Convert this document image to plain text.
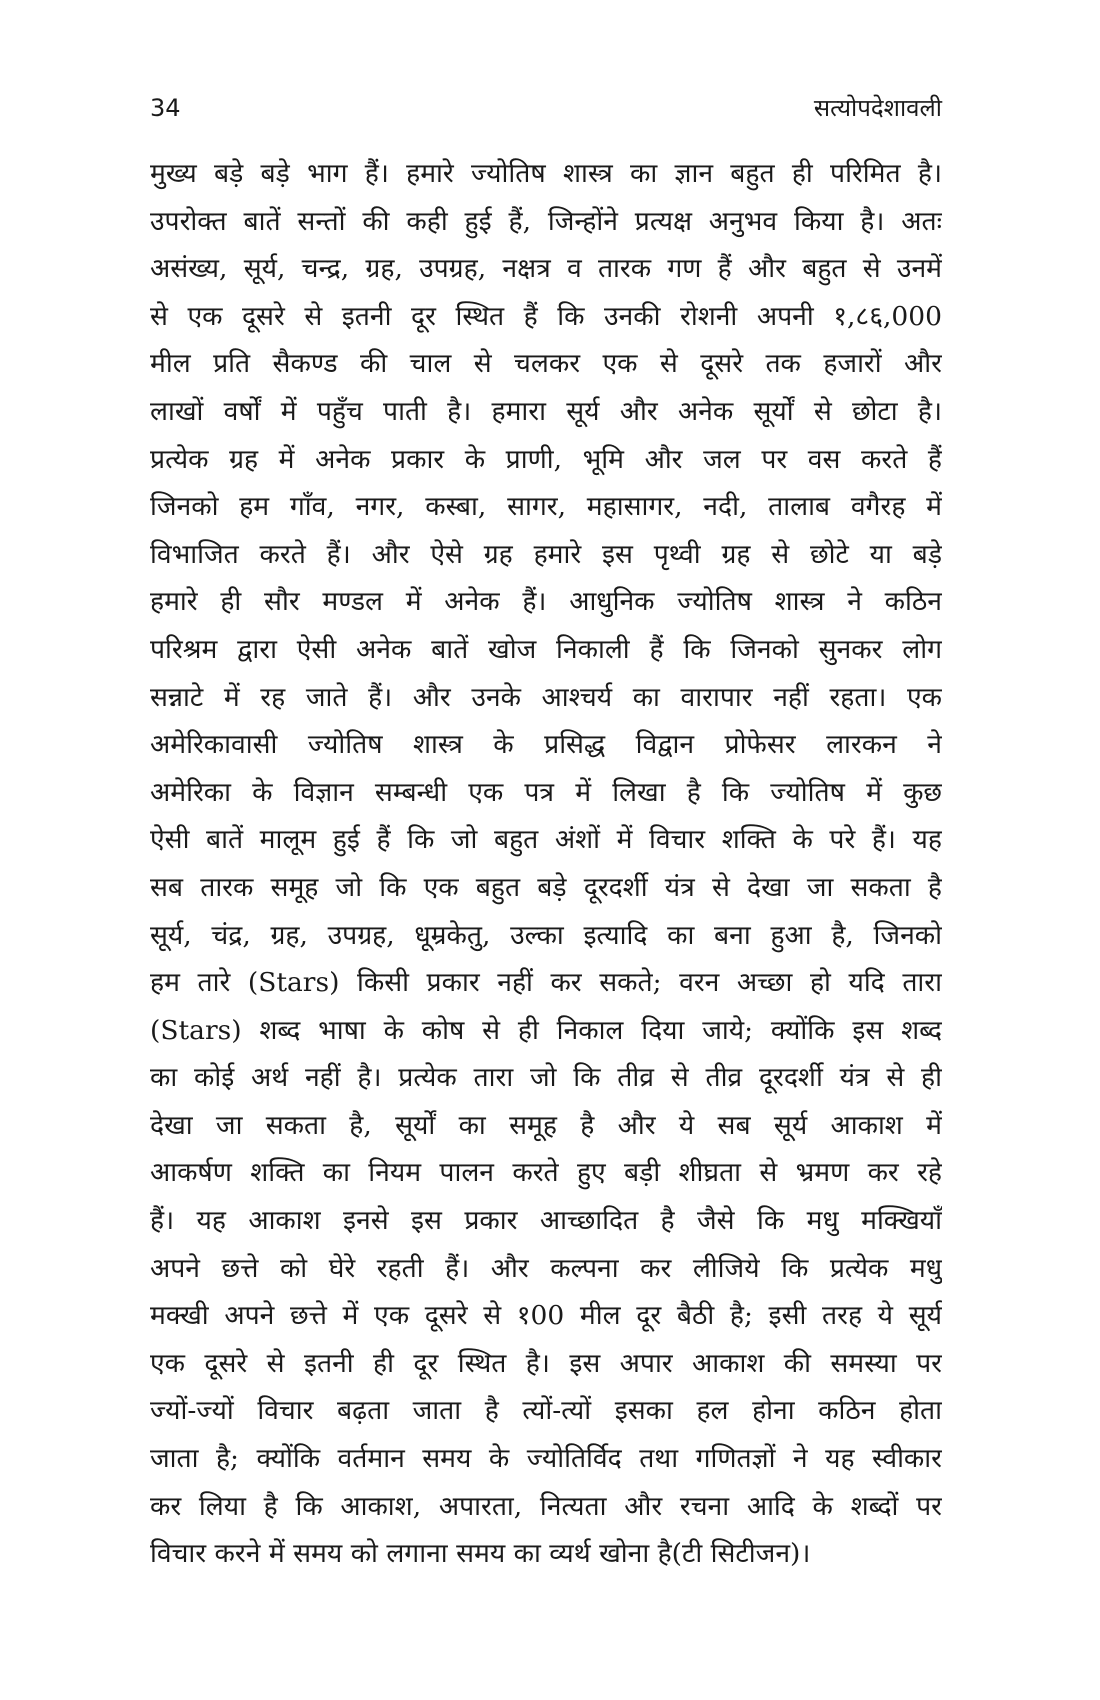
34	सत्योपदेशावली
मुख्य बड़े बड़े भाग हैं। हमारे ज्योतिष शास्त्र का ज्ञान बहुत ही परिमित है।
उपरोक्त बातें सन्तों की कही हुई हैं, जिन्होंने प्रत्यक्ष अनुभव किया है। अतः
असंख्य, सूर्य, चन्द्र, ग्रह, उपग्रह, नक्षत्र व तारक गण हैं और बहुत से उनमें
से एक दूसरे से इतनी दूर स्थित हैं कि उनकी रोशनी अपनी १,८६,000
मील प्रति सैकण्ड की चाल से चलकर एक से दूसरे तक हजारों और
लाखों वर्षों में पहुँच पाती है। हमारा सूर्य और अनेक सूर्यों से छोटा है।
प्रत्येक ग्रह में अनेक प्रकार के प्राणी, भूमि और जल पर वस करते हैं
जिनको हम गाँव, नगर, कस्बा, सागर, महासागर, नदी, तालाब वगैरह में
विभाजित करते हैं। और ऐसे ग्रह हमारे इस पृथ्वी ग्रह से छोटे या बड़े
हमारे ही सौर मण्डल में अनेक हैं। आधुनिक ज्योतिष शास्त्र ने कठिन
परिश्रम द्वारा ऐसी अनेक बातें खोज निकाली हैं कि जिनको सुनकर लोग
सन्नाटे में रह जाते हैं। और उनके आश्चर्य का वारापार नहीं रहता। एक
अमेरिकावासी ज्योतिष शास्त्र के प्रसिद्ध विद्वान प्रोफेसर लारकन ने
अमेरिका के विज्ञान सम्बन्धी एक पत्र में लिखा है कि ज्योतिष में कुछ
ऐसी बातें मालूम हुई हैं कि जो बहुत अंशों में विचार शक्ति के परे हैं। यह
सब तारक समूह जो कि एक बहुत बड़े दूरदर्शी यंत्र से देखा जा सकता है
सूर्य, चंद्र, ग्रह, उपग्रह, धूम्रकेतु, उल्का इत्यादि का बना हुआ है, जिनको
हम तारे (Stars) किसी प्रकार नहीं कर सकते; वरन अच्छा हो यदि तारा
(Stars) शब्द भाषा के कोष से ही निकाल दिया जाये; क्योंकि इस शब्द
का कोई अर्थ नहीं है। प्रत्येक तारा जो कि तीव्र से तीव्र दूरदर्शी यंत्र से ही
देखा जा सकता है, सूर्यों का समूह है और ये सब सूर्य आकाश में
आकर्षण शक्ति का नियम पालन करते हुए बड़ी शीघ्रता से भ्रमण कर रहे
हैं। यह आकाश इनसे इस प्रकार आच्छादित है जैसे कि मधु मक्खियाँ
अपने छत्ते को घेरे रहती हैं। और कल्पना कर लीजिये कि प्रत्येक मधु
मक्खी अपने छत्ते में एक दूसरे से १00 मील दूर बैठी है; इसी तरह ये सूर्य
एक दूसरे से इतनी ही दूर स्थित है। इस अपार आकाश की समस्या पर
ज्यों-ज्यों विचार बढ़ता जाता है त्यों-त्यों इसका हल होना कठिन होता
जाता है; क्योंकि वर्तमान समय के ज्योतिर्विद तथा गणितज्ञों ने यह स्वीकार
कर लिया है कि आकाश, अपारता, नित्यता और रचना आदि के शब्दों पर
विचार करने में समय को लगाना समय का व्यर्थ खोना है(टी सिटीजन)।
